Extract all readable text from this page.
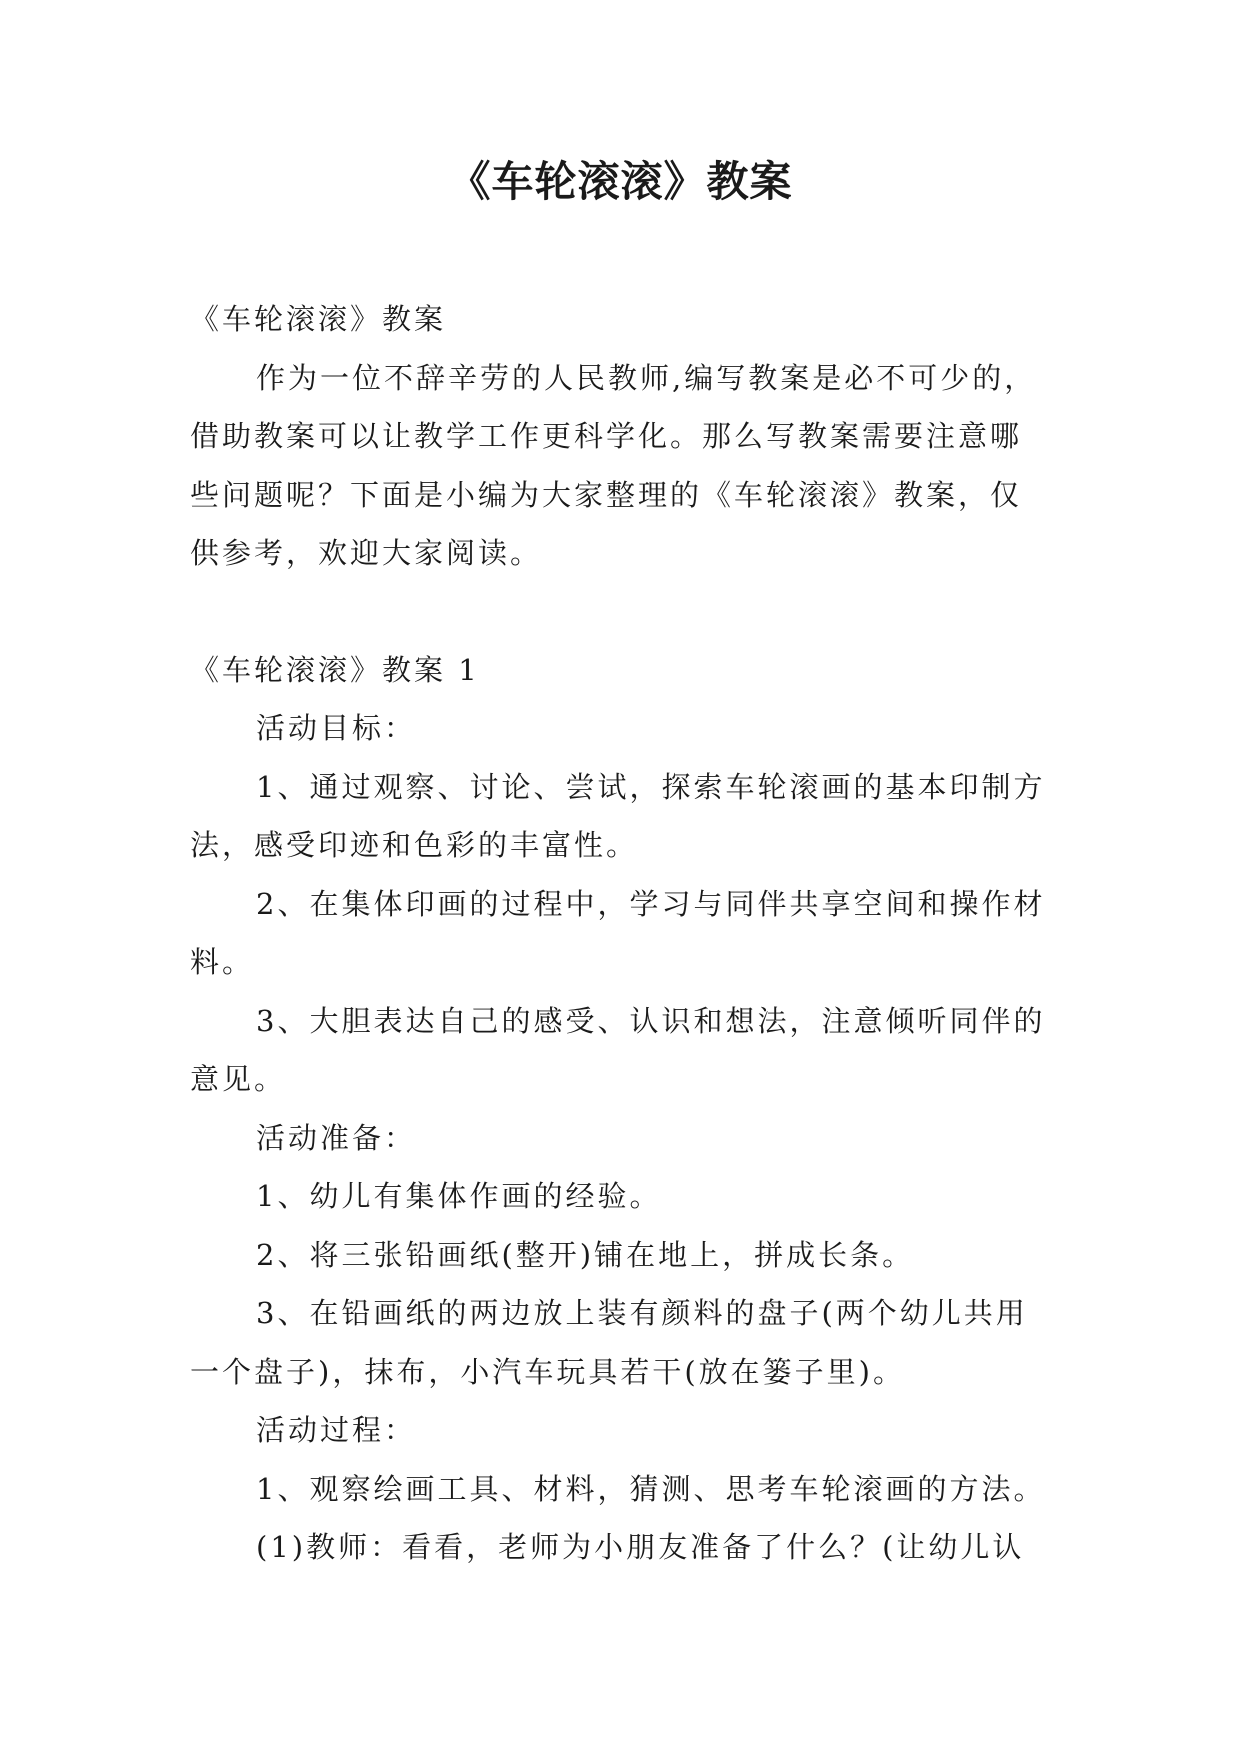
《车轮滚滚》教案

《车轮滚滚》教案

作为一位不辞辛劳的人民教师,编写教案是必不可少的，借助教案可以让教学工作更科学化。那么写教案需要注意哪些问题呢？下面是小编为大家整理的《车轮滚滚》教案，仅供参考，欢迎大家阅读。

《车轮滚滚》教案 1

活动目标：

1、通过观察、讨论、尝试，探索车轮滚画的基本印制方法，感受印迹和色彩的丰富性。

2、在集体印画的过程中，学习与同伴共享空间和操作材料。

3、大胆表达自己的感受、认识和想法，注意倾听同伴的意见。

活动准备：

1、幼儿有集体作画的经验。

2、将三张铅画纸(整开)铺在地上，拼成长条。

3、在铅画纸的两边放上装有颜料的盘子(两个幼儿共用一个盘子)，抹布，小汽车玩具若干(放在篓子里)。

活动过程：

1、观察绘画工具、材料，猜测、思考车轮滚画的方法。

(1)教师：看看，老师为小朋友准备了什么？(让幼儿认
